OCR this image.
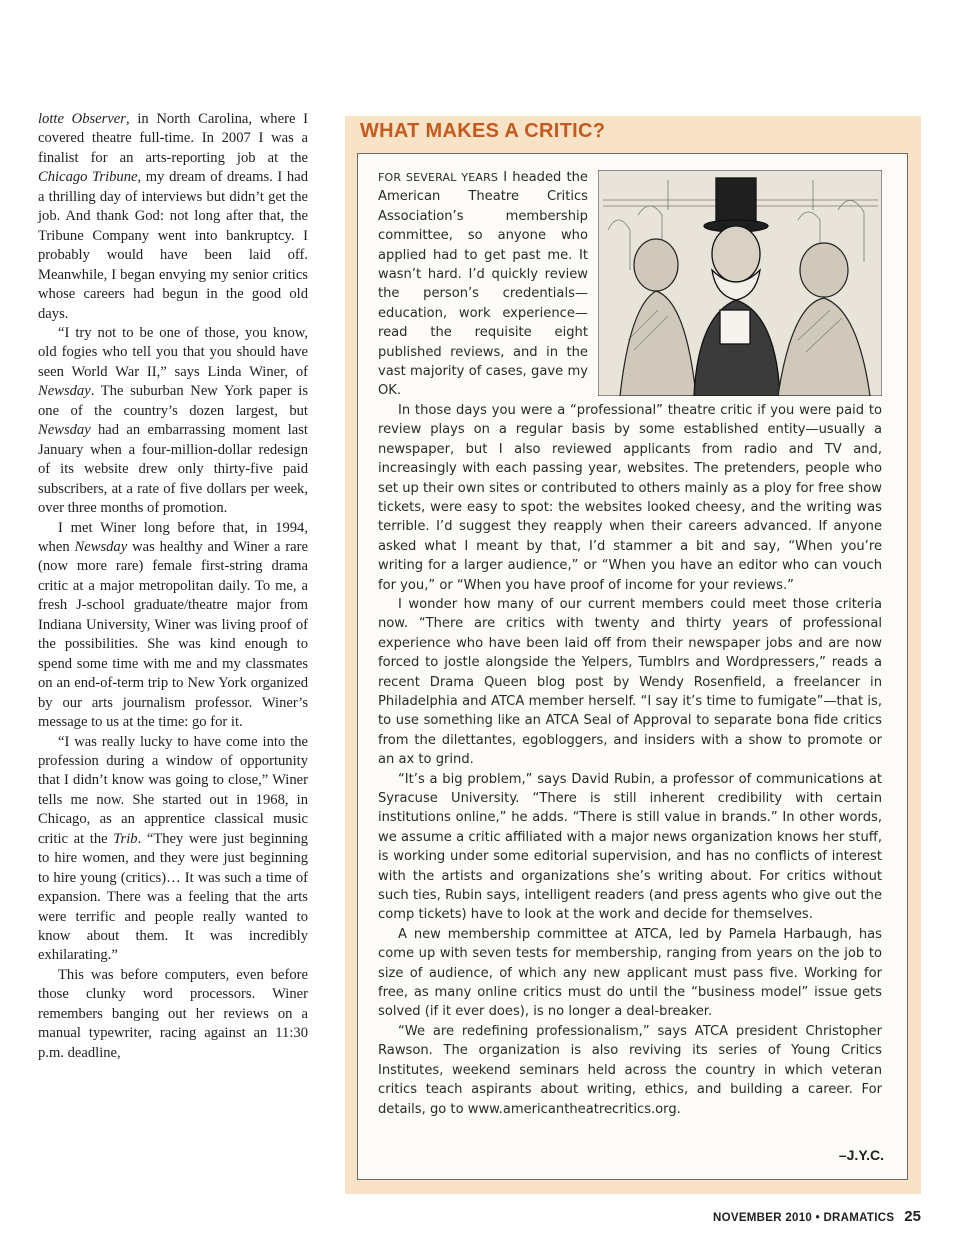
lotte Observer, in North Carolina, where I covered theatre full-time. In 2007 I was a finalist for an arts-reporting job at the Chicago Tribune, my dream of dreams. I had a thrilling day of interviews but didn’t get the job. And thank God: not long after that, the Tribune Company went into bankruptcy. I probably would have been laid off. Meanwhile, I began envying my senior critics whose careers had begun in the good old days.

“I try not to be one of those, you know, old fogies who tell you that you should have seen World War II,” says Linda Winer, of Newsday. The suburban New York paper is one of the country’s dozen largest, but Newsday had an embarrassing moment last January when a four-million-dollar redesign of its website drew only thirty-five paid subscribers, at a rate of five dollars per week, over three months of promotion.

I met Winer long before that, in 1994, when Newsday was healthy and Winer a rare (now more rare) female first-string drama critic at a major metropolitan daily. To me, a fresh J-school graduate/theatre major from Indiana University, Winer was living proof of the possibilities. She was kind enough to spend some time with me and my classmates on an end-of-term trip to New York organized by our arts journalism professor. Winer’s message to us at the time: go for it.

“I was really lucky to have come into the profession during a window of opportunity that I didn’t know was going to close,” Winer tells me now. She started out in 1968, in Chicago, as an apprentice classical music critic at the Trib. “They were just beginning to hire women, and they were just beginning to hire young (critics)… It was such a time of expansion. There was a feeling that the arts were terrific and people really wanted to know about them. It was incredibly exhilarating.”

This was before computers, even before those clunky word processors. Winer remembers banging out her reviews on a manual typewriter, racing against an 11:30 p.m. deadline,

WHAT MAKES A CRITIC?

FOR SEVERAL YEARS I headed the American Theatre Critics Association’s membership committee, so anyone who applied had to get past me. It wasn’t hard. I’d quickly review the person’s credentials—education, work experience—read the requisite eight published reviews, and in the vast majority of cases, gave my OK.

In those days you were a “professional” theatre critic if you were paid to review plays on a regular basis by some established entity—usually a newspaper, but I also reviewed applicants from radio and TV and, increasingly with each passing year, websites. The pretenders, people who set up their own sites or contributed to others mainly as a ploy for free show tickets, were easy to spot: the websites looked cheesy, and the writing was terrible. I’d suggest they reapply when their careers advanced. If anyone asked what I meant by that, I’d stammer a bit and say, “When you’re writing for a larger audience,” or “When you have an editor who can vouch for you,” or “When you have proof of income for your reviews.”

I wonder how many of our current members could meet those criteria now. “There are critics with twenty and thirty years of professional experience who have been laid off from their newspaper jobs and are now forced to jostle alongside the Yelpers, Tumblrs and Wordpressers,” reads a recent Drama Queen blog post by Wendy Rosenfield, a freelancer in Philadelphia and ATCA member herself. “I say it’s time to fumigate”—that is, to use something like an ATCA Seal of Approval to separate bona fide critics from the dilettantes, egobloggers, and insiders with a show to promote or an ax to grind.

“It’s a big problem,” says David Rubin, a professor of communications at Syracuse University. “There is still inherent credibility with certain institutions online,” he adds. “There is still value in brands.” In other words, we assume a critic affiliated with a major news organization knows her stuff, is working under some editorial supervision, and has no conflicts of interest with the artists and organizations she’s writing about. For critics without such ties, Rubin says, intelligent readers (and press agents who give out the comp tickets) have to look at the work and decide for themselves.

A new membership committee at ATCA, led by Pamela Harbaugh, has come up with seven tests for membership, ranging from years on the job to size of audience, of which any new applicant must pass five. Working for free, as many online critics must do until the “business model” issue gets solved (if it ever does), is no longer a deal-breaker.

“We are redefining professionalism,” says ATCA president Christopher Rawson. The organization is also reviving its series of Young Critics Institutes, weekend seminars held across the country in which veteran critics teach aspirants about writing, ethics, and building a career. For details, go to www.americantheatrecritics.org.

–J.Y.C.
NOVEMBER 2010 • DRAMATICS 25
